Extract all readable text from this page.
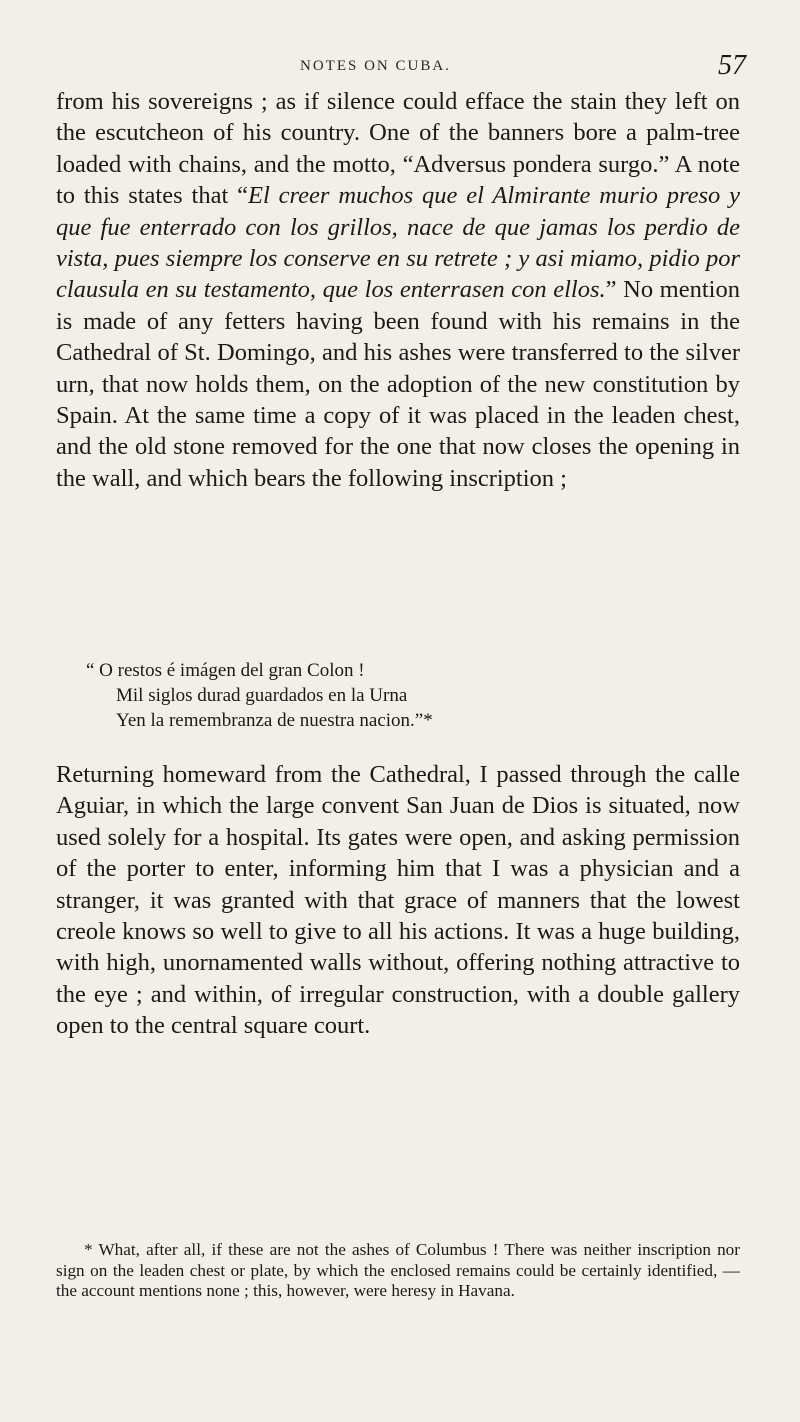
NOTES ON CUBA.	57

from his sovereigns ; as if silence could efface the stain they left on the escutcheon of his country. One of the banners bore a palm-tree loaded with chains, and the motto, “Adversus pondera surgo.” A note to this states that “El creer muchos que el Almirante murio preso y que fue enterrado con los grillos, nace de que jamas los perdio de vista, pues siempre los conserve en su retrete ; y asi miamo, pidio por clausula en su testamento, que los enterrasen con ellos.” No mention is made of any fetters having been found with his remains in the Cathedral of St. Domingo, and his ashes were transferred to the silver urn, that now holds them, on the adoption of the new constitution by Spain. At the same time a copy of it was placed in the leaden chest, and the old stone removed for the one that now closes the opening in the wall, and which bears the following inscription ;

“ O restos é imágen del gran Colon !
Mil siglos durad guardados en la Urna
Yen la remembranza de nuestra nacion.”*

Returning homeward from the Cathedral, I passed through the calle Aguiar, in which the large convent San Juan de Dios is situated, now used solely for a hospital. Its gates were open, and asking permission of the porter to enter, informing him that I was a physician and a stranger, it was granted with that grace of manners that the lowest creole knows so well to give to all his actions. It was a huge building, with high, unornamented walls without, offering nothing attractive to the eye ; and within, of irregular construction, with a double gallery open to the central square court.

* What, after all, if these are not the ashes of Columbus ! There was neither inscription nor sign on the leaden chest or plate, by which the enclosed remains could be certainly identified, — the account mentions none ; this, however, were heresy in Havana.
